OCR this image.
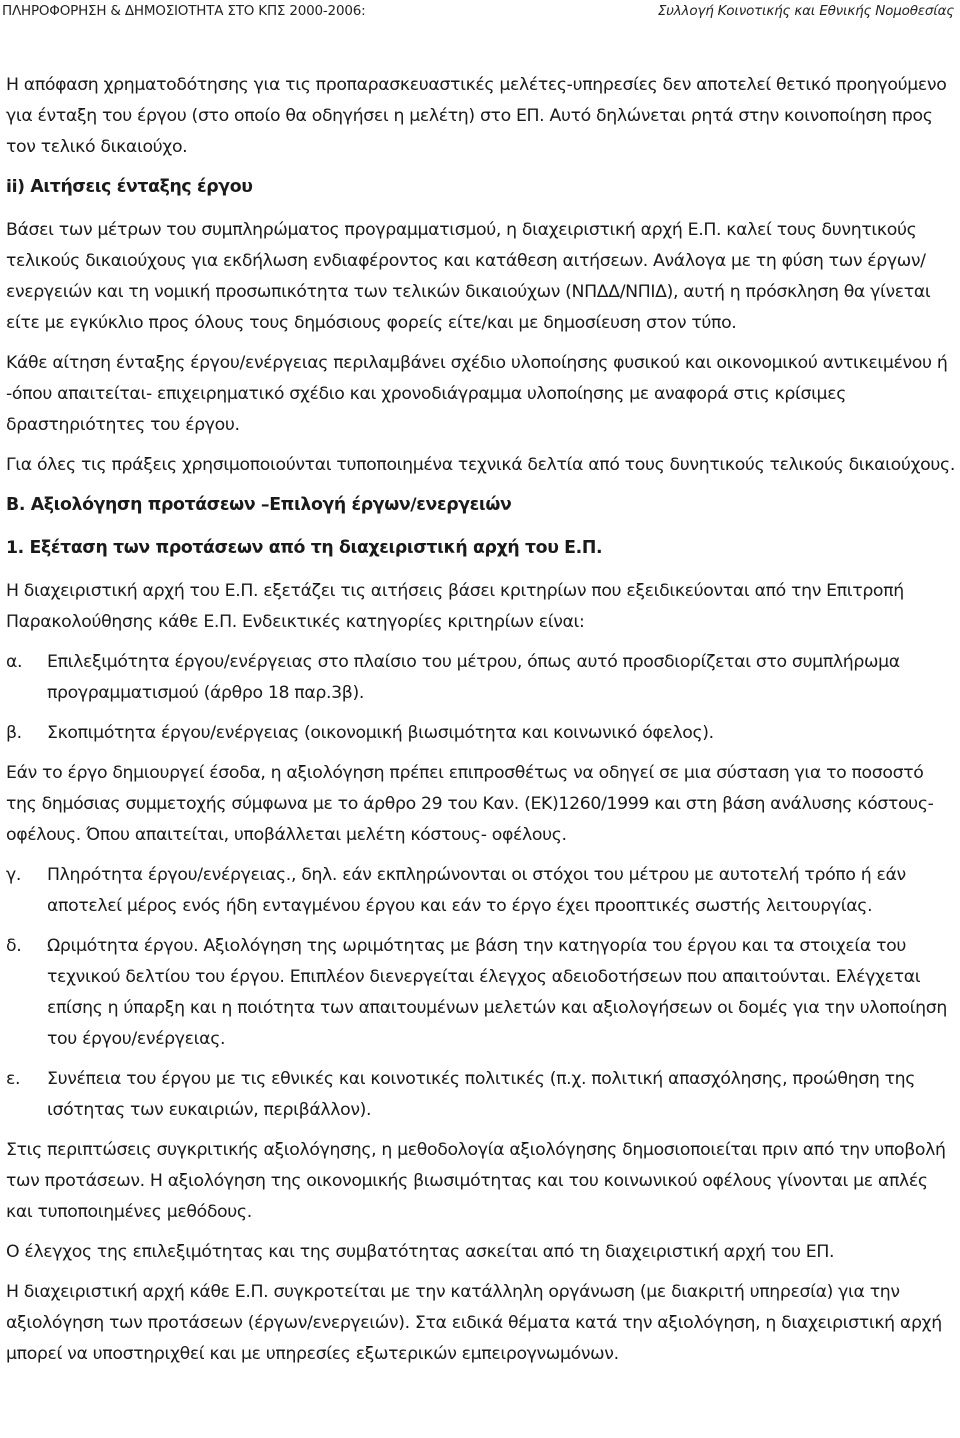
ΠΛΗΡΟΦΟΡΗΣΗ & ΔΗΜΟΣΙΟΤΗΤΑ ΣΤΟ ΚΠΣ 2000-2006:	Συλλογή Κοινοτικής και Εθνικής Νομοθεσίας

Η απόφαση χρηματοδότησης για τις προπαρασκευαστικές μελέτες-υπηρεσίες δεν αποτελεί θετικό προηγούμενο για ένταξη του έργου (στο οποίο θα οδηγήσει η μελέτη) στο ΕΠ. Αυτό δηλώνεται ρητά στην κοινοποίηση προς τον τελικό δικαιούχο.

ii) Αιτήσεις ένταξης έργου

Βάσει των μέτρων του συμπληρώματος προγραμματισμού, η διαχειριστική αρχή Ε.Π. καλεί τους δυνητικούς τελικούς δικαιούχους για εκδήλωση ενδιαφέροντος και κατάθεση αιτήσεων. Ανάλογα με τη φύση των έργων/ενεργειών και τη νομική προσωπικότητα των τελικών δικαιούχων (ΝΠΔΔ/ΝΠΙΔ), αυτή η πρόσκληση θα γίνεται είτε με εγκύκλιο προς όλους τους δημόσιους φορείς είτε/και με δημοσίευση στον τύπο.

Κάθε αίτηση ένταξης έργου/ενέργειας περιλαμβάνει σχέδιο υλοποίησης φυσικού και οικονομικού αντικειμένου ή -όπου απαιτείται- επιχειρηματικό σχέδιο και χρονοδιάγραμμα υλοποίησης με αναφορά στις κρίσιμες δραστηριότητες του έργου.

Για όλες τις πράξεις χρησιμοποιούνται τυποποιημένα τεχνικά δελτία από τους δυνητικούς τελικούς δικαιούχους.

Β. Αξιολόγηση προτάσεων –Επιλογή έργων/ενεργειών
1. Εξέταση των προτάσεων από τη διαχειριστική αρχή του Ε.Π.

Η διαχειριστική αρχή του Ε.Π. εξετάζει τις αιτήσεις βάσει κριτηρίων που εξειδικεύονται από την Επιτροπή Παρακολούθησης κάθε Ε.Π. Ενδεικτικές κατηγορίες κριτηρίων είναι:

α.	Επιλεξιμότητα έργου/ενέργειας στο πλαίσιο του μέτρου, όπως αυτό προσδιορίζεται στο συμπλήρωμα προγραμματισμού (άρθρο 18 παρ.3β).
β.	Σκοπιμότητα έργου/ενέργειας (οικονομική βιωσιμότητα και κοινωνικό όφελος).

Εάν το έργο δημιουργεί έσοδα, η αξιολόγηση πρέπει επιπροσθέτως να οδηγεί σε μια σύσταση για το ποσοστό της δημόσιας συμμετοχής σύμφωνα με το άρθρο 29 του Καν. (ΕΚ)1260/1999 και στη βάση ανάλυσης κόστους-οφέλους. Όπου απαιτείται, υποβάλλεται μελέτη κόστους- οφέλους.

γ.	Πληρότητα έργου/ενέργειας., δηλ. εάν εκπληρώνονται οι στόχοι του μέτρου με αυτοτελή τρόπο ή εάν αποτελεί μέρος ενός ήδη ενταγμένου έργου και εάν το έργο έχει προοπτικές σωστής λειτουργίας.
δ.	Ωριμότητα έργου. Αξιολόγηση της ωριμότητας με βάση την κατηγορία του έργου και τα στοιχεία του τεχνικού δελτίου του έργου. Επιπλέον διενεργείται έλεγχος αδειοδοτήσεων που απαιτούνται. Ελέγχεται επίσης η ύπαρξη και η ποιότητα των απαιτουμένων μελετών και αξιολογήσεων οι δομές για την υλοποίηση του έργου/ενέργειας.
ε.	Συνέπεια του έργου με τις εθνικές και κοινοτικές πολιτικές (π.χ. πολιτική απασχόλησης, προώθηση της ισότητας των ευκαιριών, περιβάλλον).

Στις περιπτώσεις συγκριτικής αξιολόγησης, η μεθοδολογία αξιολόγησης δημοσιοποιείται πριν από την υποβολή των προτάσεων. Η αξιολόγηση της οικονομικής βιωσιμότητας και του κοινωνικού οφέλους γίνονται με απλές και τυποποιημένες μεθόδους.

Ο έλεγχος της επιλεξιμότητας και της συμβατότητας ασκείται από τη διαχειριστική αρχή του ΕΠ.

Η διαχειριστική αρχή κάθε Ε.Π. συγκροτείται με την κατάλληλη οργάνωση (με διακριτή υπηρεσία) για την αξιολόγηση των προτάσεων (έργων/ενεργειών). Στα ειδικά θέματα κατά την αξιολόγηση, η διαχειριστική αρχή μπορεί να υποστηριχθεί και με υπηρεσίες εξωτερικών εμπειρογνωμόνων.
